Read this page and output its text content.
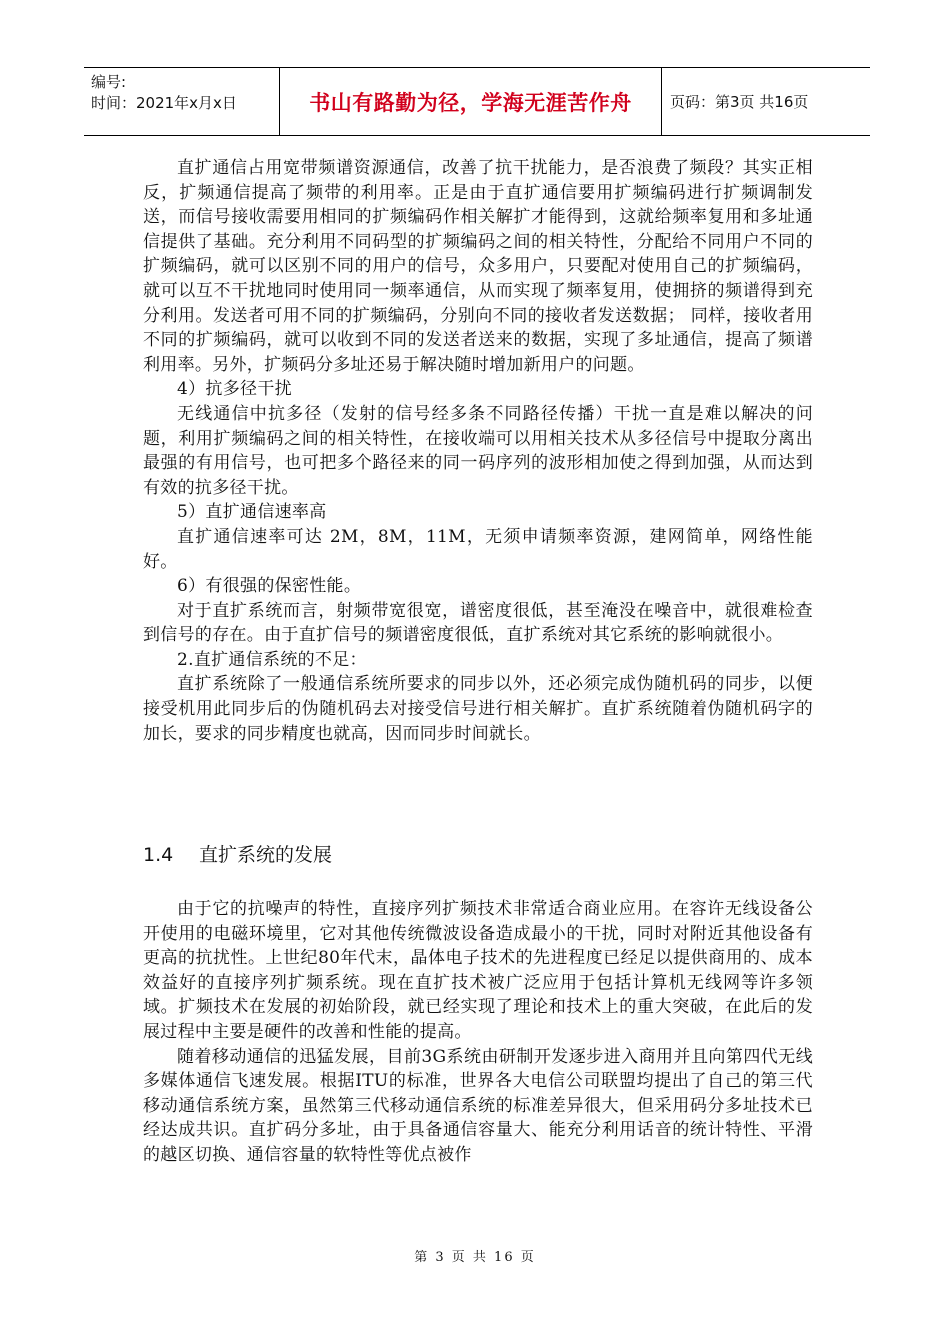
编号:
时间：2021年x月x日	书山有路勤为径，学海无涯苦作舟	页码：第3页 共16页

直扩通信占用宽带频谱资源通信，改善了抗干扰能力，是否浪费了频段？其实正相反，扩频通信提高了频带的利用率。正是由于直扩通信要用扩频编码进行扩频调制发送，而信号接收需要用相同的扩频编码作相关解扩才能得到，这就给频率复用和多址通信提供了基础。充分利用不同码型的扩频编码之间的相关特性，分配给不同用户不同的扩频编码，就可以区别不同的用户的信号，众多用户，只要配对使用自己的扩频编码，就可以互不干扰地同时使用同一频率通信，从而实现了频率复用，使拥挤的频谱得到充分利用。发送者可用不同的扩频编码，分别向不同的接收者发送数据； 同样，接收者用不同的扩频编码，就可以收到不同的发送者送来的数据，实现了多址通信，提高了频谱利用率。另外，扩频码分多址还易于解决随时增加新用户的问题。

4）抗多径干扰

无线通信中抗多径（发射的信号经多条不同路径传播）干扰一直是难以解决的问题，利用扩频编码之间的相关特性，在接收端可以用相关技术从多径信号中提取分离出最强的有用信号，也可把多个路径来的同一码序列的波形相加使之得到加强，从而达到有效的抗多径干扰。

5）直扩通信速率高

直扩通信速率可达 2M，8M，11M，无须申请频率资源，建网简单，网络性能好。

6）有很强的保密性能。

对于直扩系统而言，射频带宽很宽，谱密度很低，甚至淹没在噪音中，就很难检查到信号的存在。由于直扩信号的频谱密度很低，直扩系统对其它系统的影响就很小。

2.直扩通信系统的不足：

直扩系统除了一般通信系统所要求的同步以外，还必须完成伪随机码的同步，以便接受机用此同步后的伪随机码去对接受信号进行相关解扩。直扩系统随着伪随机码字的加长，要求的同步精度也就高，因而同步时间就长。

1.4 直扩系统的发展

由于它的抗噪声的特性，直接序列扩频技术非常适合商业应用。在容许无线设备公开使用的电磁环境里，它对其他传统微波设备造成最小的干扰，同时对附近其他设备有更高的抗扰性。上世纪80年代末，晶体电子技术的先进程度已经足以提供商用的、成本效益好的直接序列扩频系统。现在直扩技术被广泛应用于包括计算机无线网等许多领域。扩频技术在发展的初始阶段，就已经实现了理论和技术上的重大突破，在此后的发展过程中主要是硬件的改善和性能的提高。

随着移动通信的迅猛发展，目前3G系统由研制开发逐步进入商用并且向第四代无线多媒体通信飞速发展。根据ITU的标准，世界各大电信公司联盟均提出了自己的第三代移动通信系统方案，虽然第三代移动通信系统的标准差异很大，但采用码分多址技术已经达成共识。直扩码分多址，由于具备通信容量大、能充分利用话音的统计特性、平滑的越区切换、通信容量的软特性等优点被作

第 3 页 共 16 页
